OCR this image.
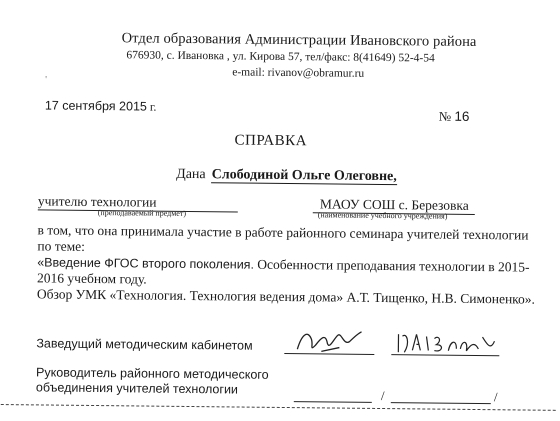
Отдел образования Администрации Ивановского района
676930, с. Ивановка , ул. Кирова 57, тел/факс: 8(41649) 52-4-54
e-mail: rivanov@obramur.ru
'
17 сентября 2015 г.
№ 16
СПРАВКА
Дана Слободиной Ольге Олеговне,
учителю технологии	МАОУ СОШ с. Березовка
(преподаваемый предмет)	(наименование учебного учреждения)

в том, что она принимала участие в работе районного семинара учителей технологии по теме:

«Введение ФГОС второго поколения. Особенности преподавания технологии в 2015-2016 учебном году.

Обзор УМК «Технология. Технология ведения дома» А.Т. Тищенко, Н.В. Симоненко».

Заведущий методическим кабинетом
Руководитель районного методического объединения учителей технологии	/	/
